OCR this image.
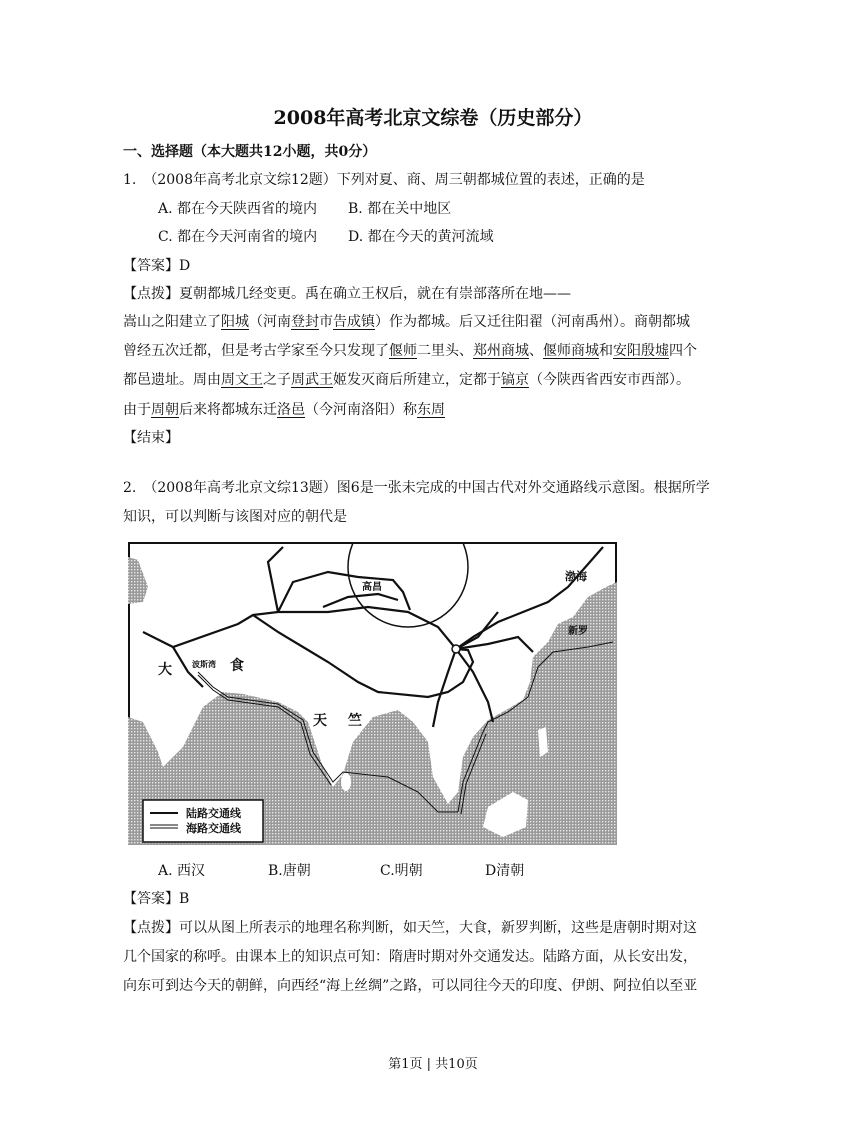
2008年高考北京文综卷（历史部分）
一、选择题（本大题共12小题，共0分）
1.　（2008年高考北京文综12题）下列对夏、商、周三朝都城位置的表述，正确的是
A. 都在今天陕西省的境内 B. 都在关中地区
C. 都在今天河南省的境内 D. 都在今天的黄河流域
【答案】D
【点拨】夏朝都城几经变更。禹在确立王权后，就在有崇部落所在地——
嵩山之阳建立了阳城（河南登封市告成镇）作为都城。后又迁往阳翟（河南禹州）。商朝都城
曾经五次迁都，但是考古学家至今只发现了偃师二里头、郑州商城、偃师商城和安阳殷墟四个
都邑遗址。周由周文王之子周武王姬发灭商后所建立，定都于镐京（今陕西省西安市西部）。
由于周朝后来将都城东迁洛邑（今河南洛阳）称东周
【结束】
2.　（2008年高考北京文综13题）图6是一张未完成的中国古代对外交通路线示意图。根据所学
知识，可以判断与该图对应的朝代是
大	食
波斯湾
天 竺
高昌
渤海
新罗
陆路交通线
海路交通线
A. 西汉	B.唐朝	C.明朝	D清朝
【答案】B
【点拨】可以从图上所表示的地理名称判断，如天竺，大食，新罗判断，这些是唐朝时期对这
几个国家的称呼。由课本上的知识点可知：隋唐时期对外交通发达。陆路方面，从长安出发，
向东可到达今天的朝鲜，向西经“海上丝绸”之路，可以同往今天的印度、伊朗、阿拉伯以至亚
第1页 | 共10页
